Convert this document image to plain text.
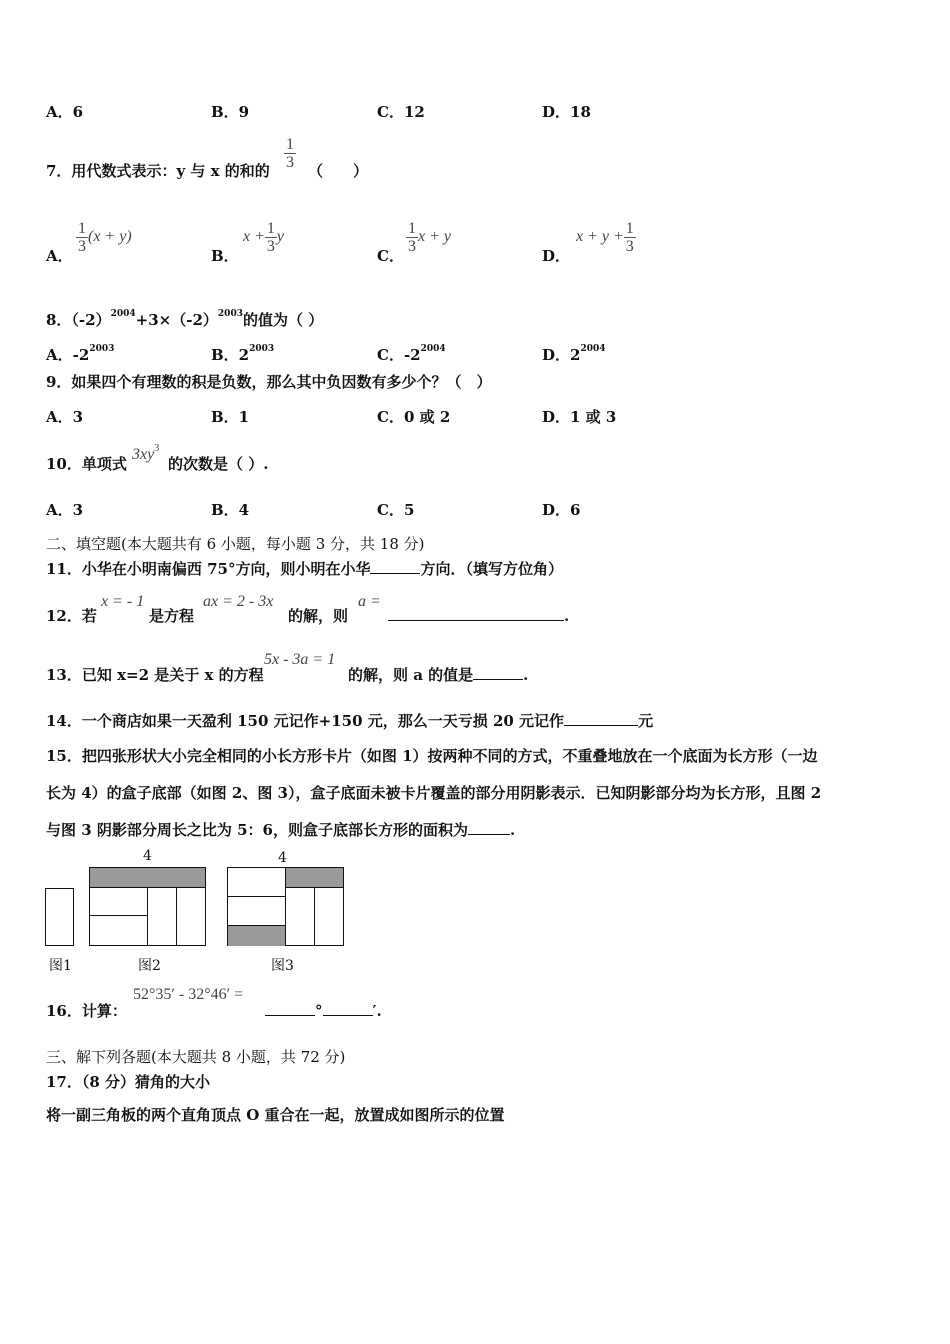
A．6	B．9	C．12	D．18
7．用代数式表示：y 与 x 的和的 $\frac{1}{3}$ （　　）
A．
$\frac{1}{3} (x + y)$
B．
$x + \frac{1}{3}$ y
C．
$\frac{1}{3}$ x + y
D．
$x + y + \frac{1}{3}$
8．$(-2)^{2004}+3\times(-2)^{2003}$的值为（ ）
A．$-2^{2003}$	B．$2^{2003}$	C．$-2^{2004}$	D．$2^{2004}$
9．如果四个有理数的积是负数，那么其中负因数有多少个？（　）
A．3	B．1	C．0 或 2	D．1 或 3
10．单项式
$3xy^3$
的次数是（ ）.
A．3	B．4	C．5	D．6
二、填空题(本大题共有 6 小题，每小题 3 分，共 18 分)
11．小华在小明南偏西 75°方向，则小明在小华	方向．（填写方位角）
12．若
x = - 1
是方程
ax = 2 - 3x
的解，则
a =
.
13．已知 x=2 是关于 x 的方程
5x - 3a = 1
的解，则 a 的值是	.
14．一个商店如果一天盈利 150 元记作+150 元，那么一天亏损 20 元记作	元
15．把四张形状大小完全相同的小长方形卡片（如图 1）按两种不同的方式，不重叠地放在一个底面为长方形（一边
长为 4）的盒子底部（如图 2、图 3），盒子底面未被卡片覆盖的部分用阴影表示．已知阴影部分均为长方形，且图 2
与图 3 阴影部分周长之比为 5：6，则盒子底部长方形的面积为	.
4	4
图1	图2	图3
16．计算：
52°35′ - 32°46′ =
°	′.
三、解下列各题(本大题共 8 小题，共 72 分)
17．（8 分）猜角的大小
将一副三角板的两个直角顶点 O 重合在一起，放置成如图所示的位置
